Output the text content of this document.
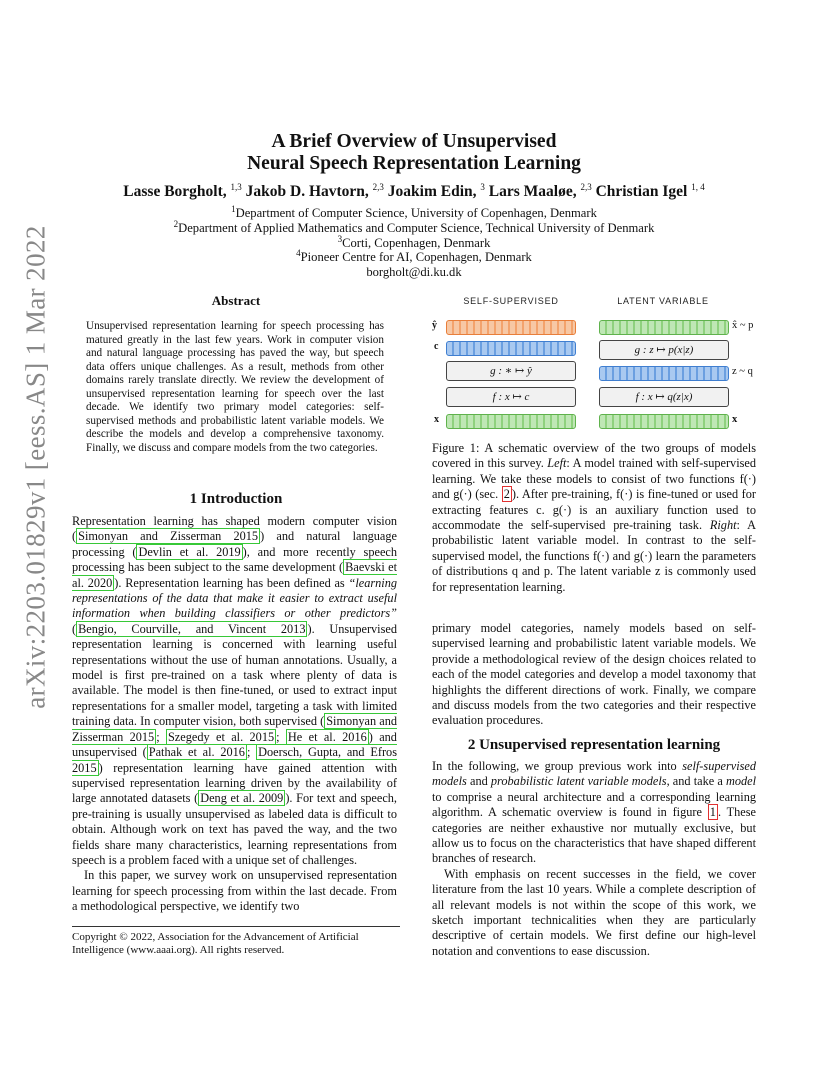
arXiv:2203.01829v1 [eess.AS] 1 Mar 2022
A Brief Overview of Unsupervised
Neural Speech Representation Learning
Lasse Borgholt, $^{1,3}$ Jakob D. Havtorn, $^{2,3}$ Joakim Edin, $^3$ Lars Maaløe, $^{2,3}$ Christian Igel $^{1, 4}$
$^1$Department of Computer Science, University of Copenhagen, Denmark
$^2$Department of Applied Mathematics and Computer Science, Technical University of Denmark
$^3$Corti, Copenhagen, Denmark
$^4$Pioneer Centre for AI, Copenhagen, Denmark
borgholt@di.ku.dk
Abstract
Unsupervised representation learning for speech processing has matured greatly in the last few years. Work in computer vision and natural language processing has paved the way, but speech data offers unique challenges. As a result, methods from other domains rarely translate directly. We review the development of unsupervised representation learning for speech over the last decade. We identify two primary model categories: self-supervised methods and probabilistic latent variable models. We describe the models and develop a comprehensive taxonomy. Finally, we discuss and compare models from the two categories.
1 Introduction

Representation learning has shaped modern computer vision ( Simonyan and Zisserman 2015 ) and natural language processing ( Devlin et al. 2019 ), and more recently speech processing has been subject to the same development ( Baevski et al. 2020 ). Representation learning has been defined as “learning representations of the data that make it easier to extract useful information when building classifiers or other predictors” ( Bengio, Courville, and Vincent 2013 ). Unsupervised representation learning is concerned with learning useful representations without the use of human annotations. Usually, a model is first pre-trained on a task where plenty of data is available. The model is then fine-tuned, or used to extract input representations for a smaller model, targeting a task with limited training data. In computer vision, both supervised ( Simonyan and Zisserman 2015 ; Szegedy et al. 2015 ; He et al. 2016 ) and unsupervised ( Pathak et al. 2016 ; Doersch, Gupta, and Efros 2015 ) representation learning have gained attention with supervised representation learning driven by the availability of large annotated datasets ( Deng et al. 2009 ). For text and speech, pre-training is usually unsupervised as labeled data is difficult to obtain. Although work on text has paved the way, and the two fields share many characteristics, learning representations from speech is a problem faced with a unique set of challenges.

In this paper, we survey work on unsupervised representation learning for speech processing from within the last decade. From a methodological perspective, we identify two

Copyright © 2022, Association for the Advancement of Artificial Intelligence (www.aaai.org). All rights reserved.
SELF-SUPERVISED	LATENT VARIABLE
ŷ
c
g : ∗ ↦ ŷ
f : x ↦ c
x
x̂ ~ p
g : z ↦ p(x|z)
z ~ q
f : x ↦ q(z|x)
x
Figure 1: A schematic overview of the two groups of models covered in this survey. Left: A model trained with self-supervised learning. We take these models to consist of two functions f(·) and g(·) (sec. 2 ). After pre-training, f(·) is fine-tuned or used for extracting features c. g(·) is an auxiliary function used to accommodate the self-supervised pre-training task. Right: A probabilistic latent variable model. In contrast to the self-supervised model, the functions f(·) and g(·) learn the parameters of distributions q and p. The latent variable z is commonly used for representation learning.
primary model categories, namely models based on self-supervised learning and probabilistic latent variable models. We provide a methodological review of the design choices related to each of the model categories and develop a model taxonomy that highlights the different directions of work. Finally, we compare and discuss models from the two categories and their respective evaluation procedures.
2 Unsupervised representation learning

In the following, we group previous work into self-supervised models and probabilistic latent variable models, and take a model to comprise a neural architecture and a corresponding learning algorithm. A schematic overview is found in figure 1 . These categories are neither exhaustive nor mutually exclusive, but allow us to focus on the characteristics that have shaped different branches of research.

With emphasis on recent successes in the field, we cover literature from the last 10 years. While a complete description of all relevant models is not within the scope of this work, we sketch important technicalities when they are particularly descriptive of certain models. We first define our high-level notation and conventions to ease discussion.
